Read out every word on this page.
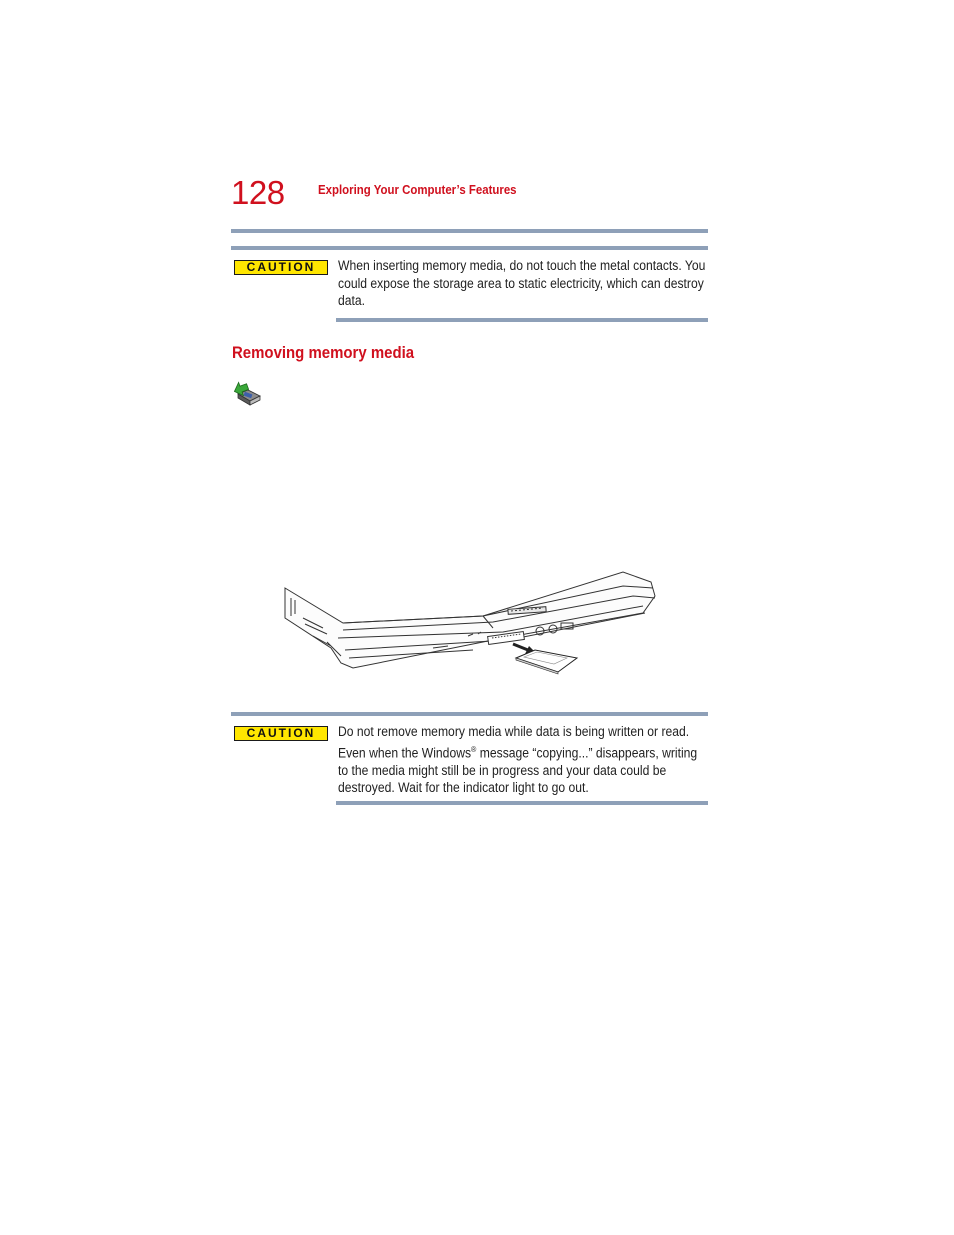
128	Exploring Your Computer’s Features
CAUTION	When inserting memory media, do not touch the metal contacts. You could expose the storage area to static electricity, which can destroy data.

Removing memory media
CAUTION	Do not remove memory media while data is being written or read. Even when the Windows® message “copying...” disappears, writing to the media might still be in progress and your data could be destroyed. Wait for the indicator light to go out.
